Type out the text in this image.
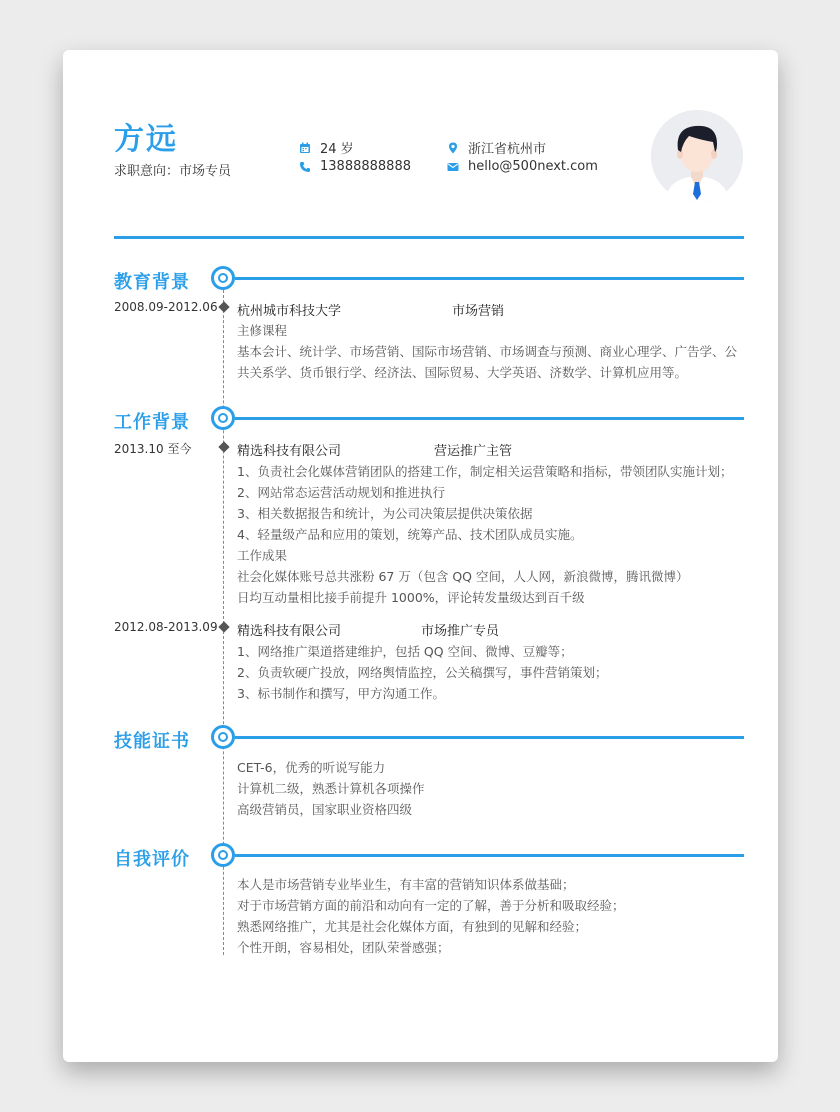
方远
求职意向：市场专员
24 岁
13888888888
浙江省杭州市
hello@500next.com
教育背景
2008.09-2012.06 杭州城市科技大学	市场营销
主修课程
基本会计、统计学、市场营销、国际市场营销、市场调查与预测、商业心理学、广告学、公
共关系学、货币银行学、经济法、国际贸易、大学英语、济数学、计算机应用等。
工作背景
2013.10 至今	精选科技有限公司	营运推广主管
1、负责社会化媒体营销团队的搭建工作，制定相关运营策略和指标，带领团队实施计划；
2、网站常态运营活动规划和推进执行
3、相关数据报告和统计，为公司决策层提供决策依据
4、轻量级产品和应用的策划，统筹产品、技术团队成员实施。
工作成果
社会化媒体账号总共涨粉 67 万（包含 QQ 空间，人人网，新浪微博，腾讯微博）
日均互动量相比接手前提升 1000%，评论转发量级达到百千级
2012.08-2013.09 精选科技有限公司	市场推广专员
1、网络推广渠道搭建维护，包括 QQ 空间、微博、豆瓣等；
2、负责软硬广投放，网络舆情监控，公关稿撰写，事件营销策划；
3、标书制作和撰写，甲方沟通工作。
技能证书
CET-6，优秀的听说写能力
计算机二级，熟悉计算机各项操作
高级营销员，国家职业资格四级
自我评价
本人是市场营销专业毕业生，有丰富的营销知识体系做基础；
对于市场营销方面的前沿和动向有一定的了解，善于分析和吸取经验；
熟悉网络推广，尤其是社会化媒体方面，有独到的见解和经验；
个性开朗，容易相处，团队荣誉感强；
